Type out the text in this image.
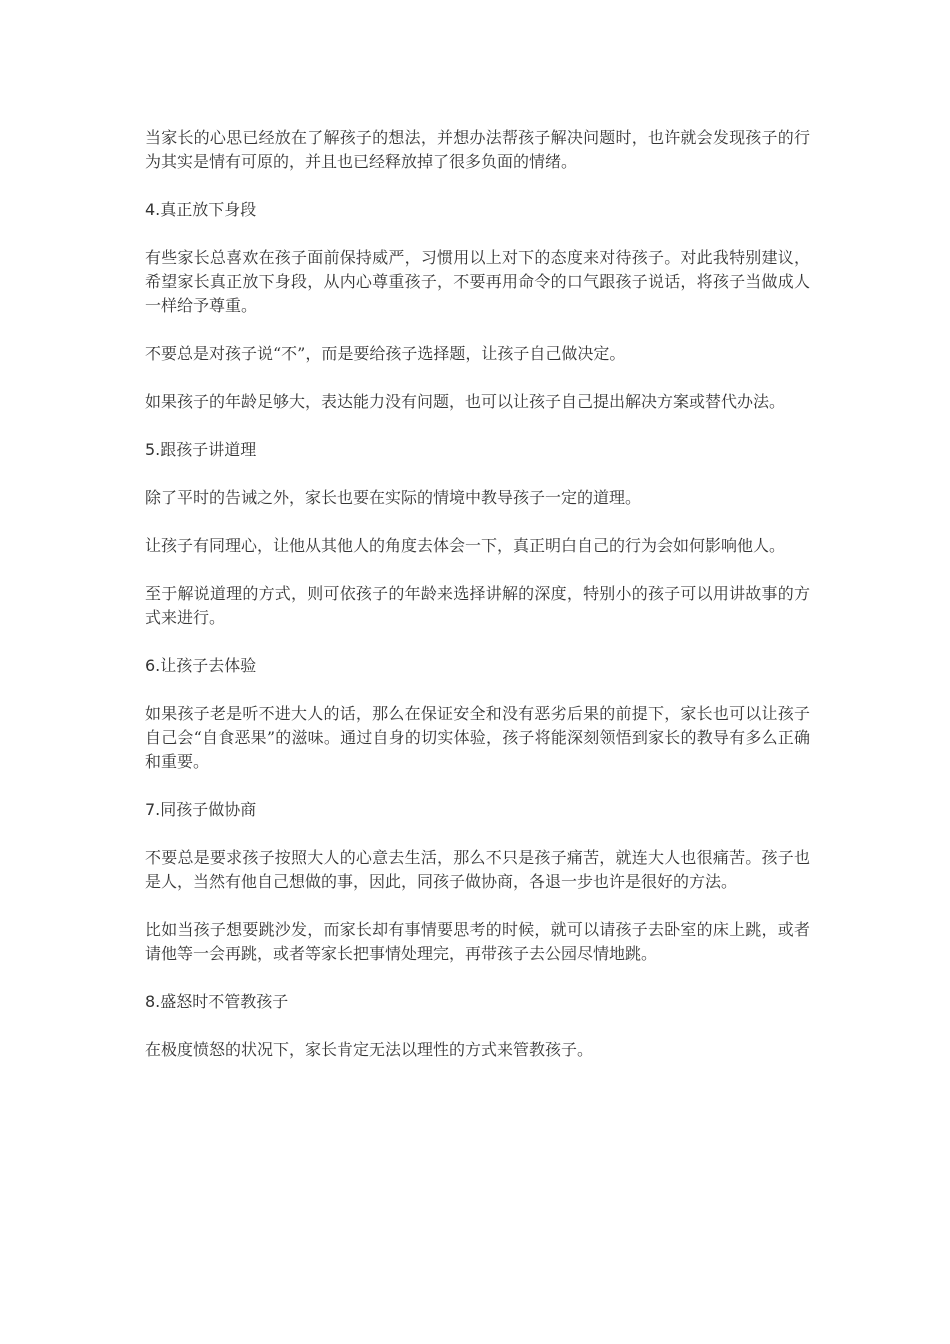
当家长的心思已经放在了解孩子的想法，并想办法帮孩子解决问题时，也许就会发现孩子的行为其实是情有可原的，并且也已经释放掉了很多负面的情绪。

4.真正放下身段

有些家长总喜欢在孩子面前保持威严，习惯用以上对下的态度来对待孩子。对此我特别建议，希望家长真正放下身段，从内心尊重孩子，不要再用命令的口气跟孩子说话，将孩子当做成人一样给予尊重。

不要总是对孩子说“不”，而是要给孩子选择题，让孩子自己做决定。

如果孩子的年龄足够大，表达能力没有问题，也可以让孩子自己提出解决方案或替代办法。

5.跟孩子讲道理

除了平时的告诫之外，家长也要在实际的情境中教导孩子一定的道理。

让孩子有同理心，让他从其他人的角度去体会一下，真正明白自己的行为会如何影响他人。

至于解说道理的方式，则可依孩子的年龄来选择讲解的深度，特别小的孩子可以用讲故事的方式来进行。

6.让孩子去体验

如果孩子老是听不进大人的话，那么在保证安全和没有恶劣后果的前提下，家长也可以让孩子自己会“自食恶果”的滋味。通过自身的切实体验，孩子将能深刻领悟到家长的教导有多么正确和重要。

7.同孩子做协商

不要总是要求孩子按照大人的心意去生活，那么不只是孩子痛苦，就连大人也很痛苦。孩子也是人，当然有他自己想做的事，因此，同孩子做协商，各退一步也许是很好的方法。

比如当孩子想要跳沙发，而家长却有事情要思考的时候，就可以请孩子去卧室的床上跳，或者请他等一会再跳，或者等家长把事情处理完，再带孩子去公园尽情地跳。

8.盛怒时不管教孩子

在极度愤怒的状况下，家长肯定无法以理性的方式来管教孩子。
